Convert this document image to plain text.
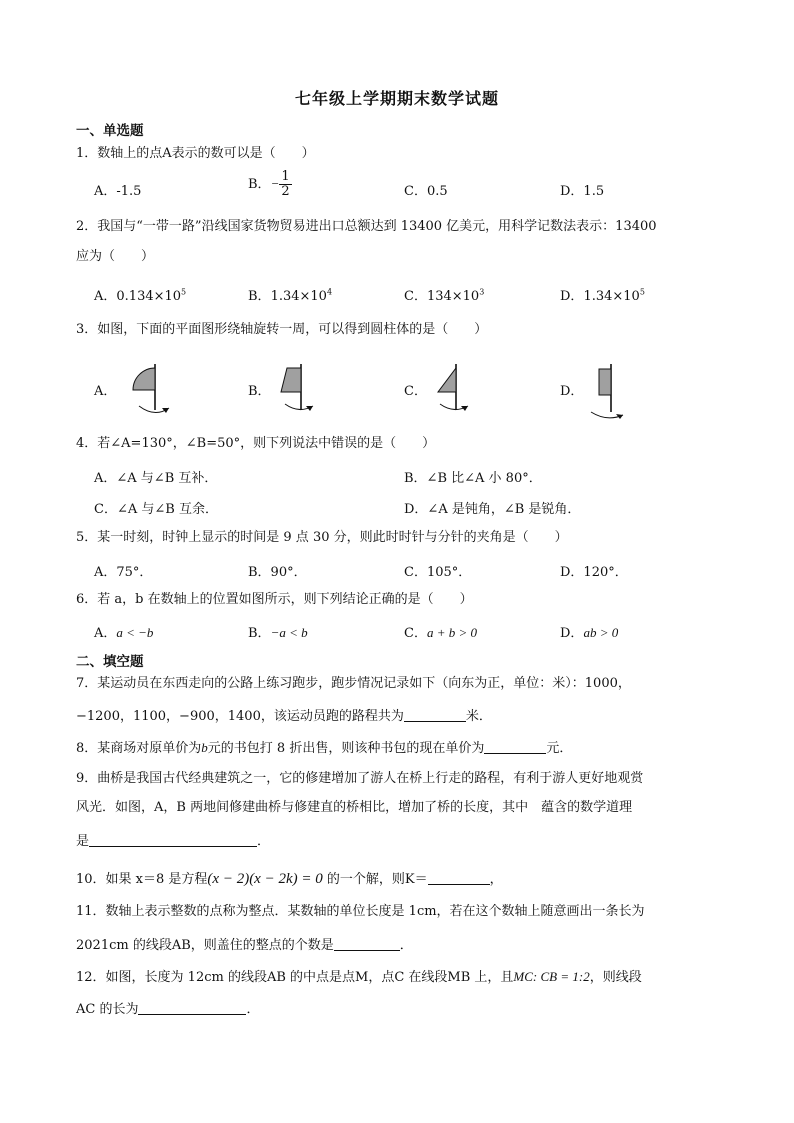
七年级上学期期末数学试题
一、单选题
1．数轴上的点A表示的数可以是（　　）
A．-1.5	B．− $\frac{1}{2}$	C．0.5	D．1.5
2．我国与“一带一路”沿线国家货物贸易进出口总额达到 13400 亿美元，用科学记数法表示：13400
应为（　　）
A．$0.134\times 10^5$	B．$1.34\times 10^4$	C．$134\times 10^3$	D．$1.34\times 10^5$
3．如图，下面的平面图形绕轴旋转一周，可以得到圆柱体的是（　　）
A．	B．	C．	D．
4．若∠A=130°，∠B=50°，则下列说法中错误的是（　　）
A．∠A 与∠B 互补．	B．∠B 比∠A 小 80°．
C．∠A 与∠B 互余．	D．∠A 是钝角，∠B 是锐角．
5．某一时刻，时钟上显示的时间是 9 点 30 分，则此时时针与分针的夹角是（　　）
A．75°．	B．90°．	C．105°．	D．120°．
6．若 a，b 在数轴上的位置如图所示，则下列结论正确的是（　　）
A．a < −b	B．−a < b	C．a + b > 0	D．ab > 0
二、填空题
7．某运动员在东西走向的公路上练习跑步，跑步情况记录如下（向东为正，单位：米）：1000，
−1200，1100，−900，1400，该运动员跑的路程共为	米．
8．某商场对原单价为b元的书包打 8 折出售，则该种书包的现在单价为	元．
9．曲桥是我国古代经典建筑之一，它的修建增加了游人在桥上行走的路程，有利于游人更好地观赏
风光．如图，A，B 两地间修建曲桥与修建直的桥相比，增加了桥的长度，其中　蕴含的数学道理
是	．
10．如果 x＝8 是方程(x − 2)(x − 2k) = 0 的一个解，则K＝	，
11．数轴上表示整数的点称为整点．某数轴的单位长度是 1cm，若在这个数轴上随意画出一条长为
2021cm 的线段AB，则盖住的整点的个数是	．
12．如图，长度为 12cm 的线段AB 的中点是点M，点C 在线段MB 上，且MC: CB = 1:2，则线段
AC 的长为	．
